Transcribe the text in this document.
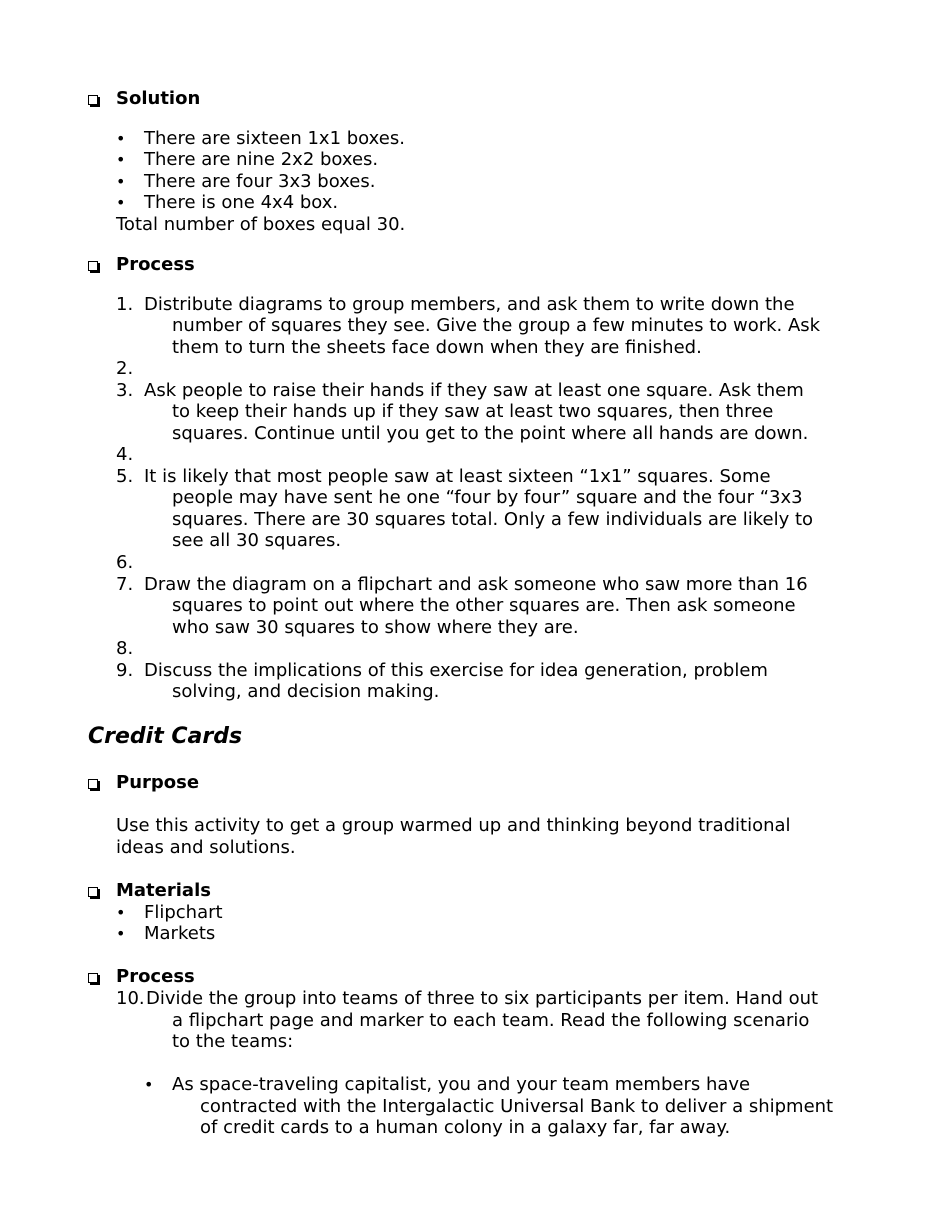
Solution
• There are sixteen 1x1 boxes.
• There are nine 2x2 boxes.
• There are four 3x3 boxes.
• There is one 4x4 box.
Total number of boxes equal 30.
Process
1. Distribute diagrams to group members, and ask them to write down the
number of squares they see. Give the group a few minutes to work. Ask
them to turn the sheets face down when they are finished.
2.
3. Ask people to raise their hands if they saw at least one square. Ask them
to keep their hands up if they saw at least two squares, then three
squares. Continue until you get to the point where all hands are down.
4.
5. It is likely that most people saw at least sixteen “1x1” squares. Some
people may have sent he one “four by four” square and the four “3x3
squares. There are 30 squares total. Only a few individuals are likely to
see all 30 squares.
6.
7. Draw the diagram on a flipchart and ask someone who saw more than 16
squares to point out where the other squares are. Then ask someone
who saw 30 squares to show where they are.
8.
9. Discuss the implications of this exercise for idea generation, problem
solving, and decision making.
Credit Cards
Purpose
Use this activity to get a group warmed up and thinking beyond traditional
ideas and solutions.
Materials
• Flipchart
• Markets
Process
10. Divide the group into teams of three to six participants per item. Hand out
a flipchart page and marker to each team. Read the following scenario
to the teams:
• As space-traveling capitalist, you and your team members have
contracted with the Intergalactic Universal Bank to deliver a shipment
of credit cards to a human colony in a galaxy far, far away.
